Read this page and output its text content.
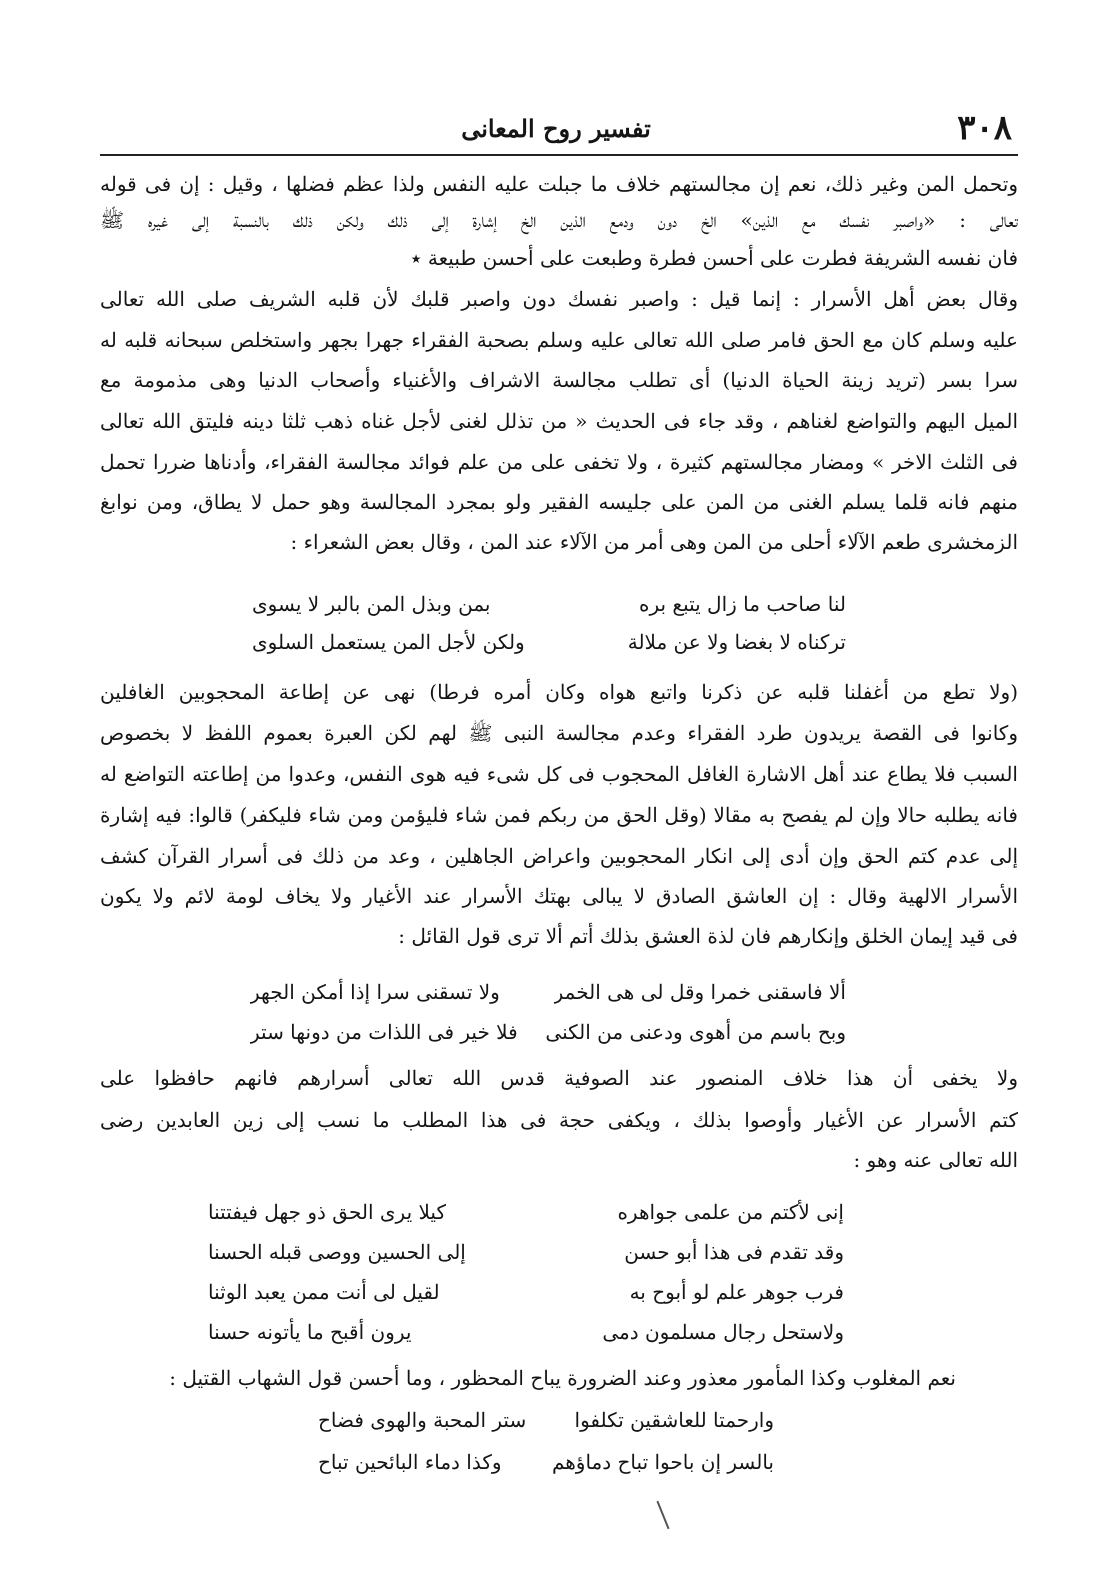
٣٠٨
تفسير روح المعانى
وتحمل المن وغير ذلك، نعم إن مجالستهم خلاف ما جبلت عليه النفس ولذا عظم فضلها ، وقيل : إن فى قوله
تعالى : «واصبر نفسك مع الذين» الخ دون ودمع الذين الخ إشارة إلى ذلك ولكن ذلك بالنسبة إلى غيره ﷺ
فان نفسه الشريفة فطرت على أحسن فطرة وطبعت على أحسن طبيعة ٭
وقال بعض أهل الأسرار : إنما قيل : واصبر نفسك دون واصبر قلبك لأن قلبه الشريف صلى الله تعالى
عليه وسلم كان مع الحق فامر صلى الله تعالى عليه وسلم بصحبة الفقراء جهرا بجهر واستخلص سبحانه قلبه له
سرا بسر (تريد زينة الحياة الدنيا) أى تطلب مجالسة الاشراف والأغنياء وأصحاب الدنيا وهى مذمومة مع
الميل اليهم والتواضع لغناهم ، وقد جاء فى الحديث « من تذلل لغنى لأجل غناه ذهب ثلثا دينه فليتق الله تعالى
فى الثلث الاخر » ومضار مجالستهم كثيرة ، ولا تخفى على من علم فوائد مجالسة الفقراء، وأدناها ضررا تحمل
منهم فانه قلما يسلم الغنى من المن على جليسه الفقير ولو بمجرد المجالسة وهو حمل لا يطاق، ومن نوابغ
الزمخشرى طعم الآلاء أحلى من المن وهى أمر من الآلاء عند المن ، وقال بعض الشعراء :
لنا صاحب ما زال يتبع بره
بمن وبذل المن بالبر لا يسوى
تركناه لا بغضا ولا عن ملالة
ولكن لأجل المن يستعمل السلوى
(ولا تطع من أغفلنا قلبه عن ذكرنا واتبع هواه وكان أمره فرطا) نهى عن إطاعة المحجوبين الغافلين
وكانوا فى القصة يريدون طرد الفقراء وعدم مجالسة النبى ﷺ لهم لكن العبرة بعموم اللفظ لا بخصوص
السبب فلا يطاع عند أهل الاشارة الغافل المحجوب فى كل شىء فيه هوى النفس، وعدوا من إطاعته التواضع له
فانه يطلبه حالا وإن لم يفصح به مقالا (وقل الحق من ربكم فمن شاء فليؤمن ومن شاء فليكفر) قالوا: فيه إشارة
إلى عدم كتم الحق وإن أدى إلى انكار المحجوبين واعراض الجاهلين ، وعد من ذلك فى أسرار القرآن كشف
الأسرار الالهية وقال : إن العاشق الصادق لا يبالى بهتك الأسرار عند الأغيار ولا يخاف لومة لائم ولا يكون
فى قيد إيمان الخلق وإنكارهم فان لذة العشق بذلك أتم ألا ترى قول القائل :
ألا فاسقنى خمرا وقل لى هى الخمر
ولا تسقنى سرا إذا أمكن الجهر
وبح باسم من أهوى ودعنى من الكنى
فلا خير فى اللذات من دونها ستر
ولا يخفى أن هذا خلاف المنصور عند الصوفية قدس الله تعالى أسرارهم فانهم حافظوا على
كتم الأسرار عن الأغيار وأوصوا بذلك ، ويكفى حجة فى هذا المطلب ما نسب إلى زين العابدين رضى
الله تعالى عنه وهو :
إنى لأكتم من علمى جواهره
كيلا يرى الحق ذو جهل فيفتتنا
وقد تقدم فى هذا أبو حسن
إلى الحسين ووصى قبله الحسنا
فرب جوهر علم لو أبوح به
لقيل لى أنت ممن يعبد الوثنا
ولاستحل رجال مسلمون دمى
يرون أقبح ما يأتونه حسنا
نعم المغلوب وكذا المأمور معذور وعند الضرورة يباح المحظور ، وما أحسن قول الشهاب القتيل :
وارحمتا للعاشقين تكلفوا
ستر المحبة والهوى فضاح
بالسر إن باحوا تباح دماؤهم
وكذا دماء البائحين تباح
